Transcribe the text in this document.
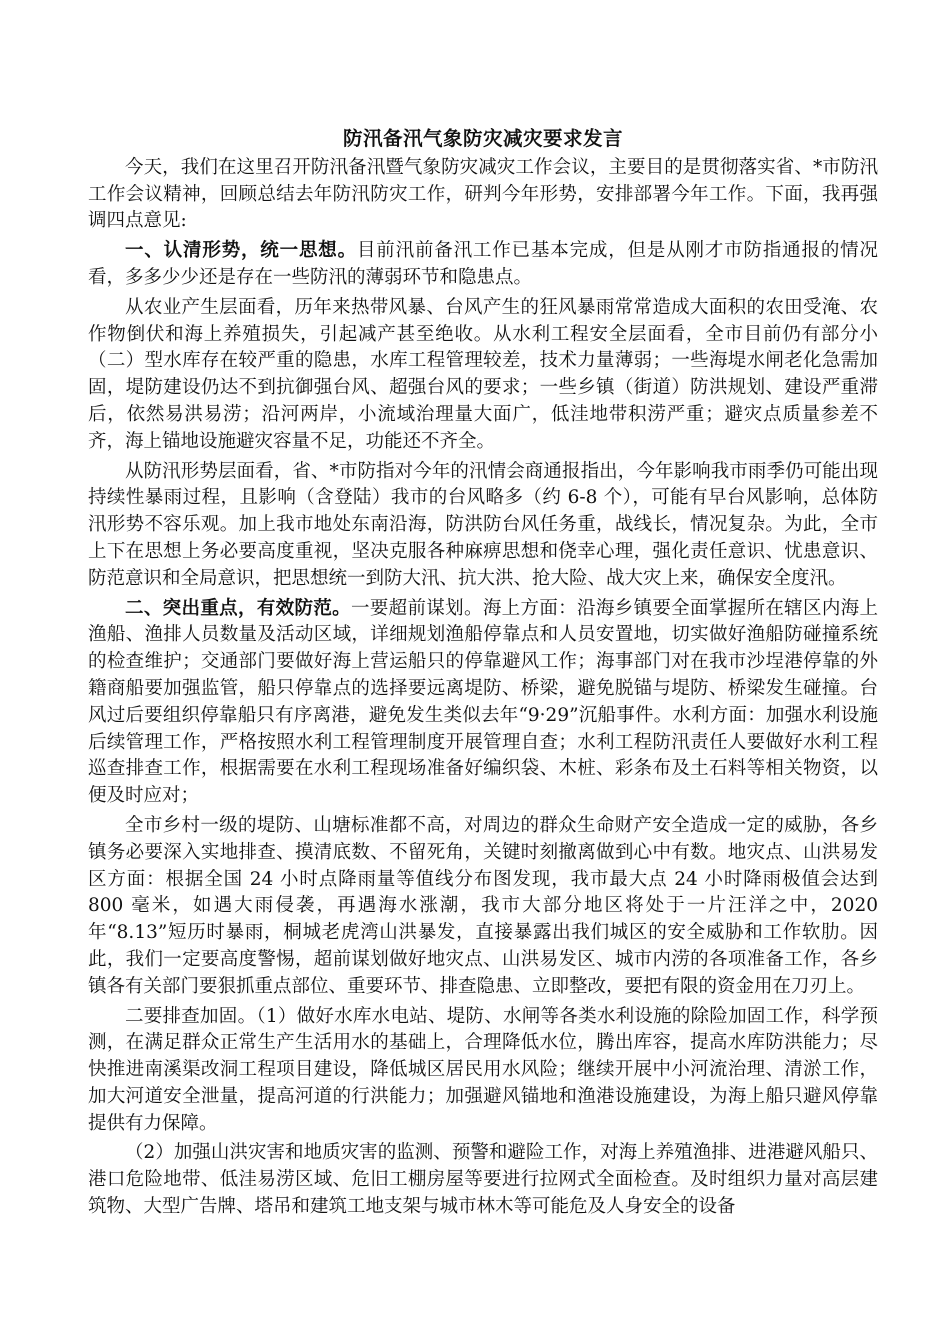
防汛备汛气象防灾减灾要求发言

今天，我们在这里召开防汛备汛暨气象防灾减灾工作会议，主要目的是贯彻落实省、*市防汛工作会议精神，回顾总结去年防汛防灾工作，研判今年形势，安排部署今年工作。下面，我再强调四点意见:

一、认清形势，统一思想。目前汛前备汛工作已基本完成，但是从刚才市防指通报的情况看，多多少少还是存在一些防汛的薄弱环节和隐患点。

从农业产生层面看，历年来热带风暴、台风产生的狂风暴雨常常造成大面积的农田受淹、农作物倒伏和海上养殖损失，引起减产甚至绝收。从水利工程安全层面看，全市目前仍有部分小（二）型水库存在较严重的隐患，水库工程管理较差，技术力量薄弱；一些海堤水闸老化急需加固，堤防建设仍达不到抗御强台风、超强台风的要求；一些乡镇（街道）防洪规划、建设严重滞后，依然易洪易涝；沿河两岸，小流域治理量大面广，低洼地带积涝严重；避灾点质量参差不齐，海上锚地设施避灾容量不足，功能还不齐全。

从防汛形势层面看，省、*市防指对今年的汛情会商通报指出，今年影响我市雨季仍可能出现持续性暴雨过程，且影响（含登陆）我市的台风略多（约 6-8 个），可能有早台风影响，总体防汛形势不容乐观。加上我市地处东南沿海，防洪防台风任务重，战线长，情况复杂。为此，全市上下在思想上务必要高度重视，坚决克服各种麻痹思想和侥幸心理，强化责任意识、忧患意识、防范意识和全局意识，把思想统一到防大汛、抗大洪、抢大险、战大灾上来，确保安全度汛。

二、突出重点，有效防范。一要超前谋划。海上方面：沿海乡镇要全面掌握所在辖区内海上渔船、渔排人员数量及活动区域，详细规划渔船停靠点和人员安置地，切实做好渔船防碰撞系统的检查维护；交通部门要做好海上营运船只的停靠避风工作；海事部门对在我市沙埕港停靠的外籍商船要加强监管，船只停靠点的选择要远离堤防、桥梁，避免脱锚与堤防、桥梁发生碰撞。台风过后要组织停靠船只有序离港，避免发生类似去年“9·29”沉船事件。水利方面：加强水利设施后续管理工作，严格按照水利工程管理制度开展管理自查；水利工程防汛责任人要做好水利工程巡查排查工作，根据需要在水利工程现场准备好编织袋、木桩、彩条布及土石料等相关物资，以便及时应对；

全市乡村一级的堤防、山塘标准都不高，对周边的群众生命财产安全造成一定的威胁，各乡镇务必要深入实地排查、摸清底数、不留死角，关键时刻撤离做到心中有数。地灾点、山洪易发区方面：根据全国 24 小时点降雨量等值线分布图发现，我市最大点 24 小时降雨极值会达到 800 毫米，如遇大雨侵袭，再遇海水涨潮，我市大部分地区将处于一片汪洋之中，2020 年“8.13”短历时暴雨，桐城老虎湾山洪暴发，直接暴露出我们城区的安全威胁和工作软肋。因此，我们一定要高度警惕，超前谋划做好地灾点、山洪易发区、城市内涝的各项准备工作，各乡镇各有关部门要狠抓重点部位、重要环节、排查隐患、立即整改，要把有限的资金用在刀刃上。

二要排查加固。（1）做好水库水电站、堤防、水闸等各类水利设施的除险加固工作，科学预测，在满足群众正常生产生活用水的基础上，合理降低水位，腾出库容，提高水库防洪能力；尽快推进南溪渠改洞工程项目建设，降低城区居民用水风险；继续开展中小河流治理、清淤工作，加大河道安全泄量，提高河道的行洪能力；加强避风锚地和渔港设施建设，为海上船只避风停靠提供有力保障。

（2）加强山洪灾害和地质灾害的监测、预警和避险工作，对海上养殖渔排、进港避风船只、港口危险地带、低洼易涝区域、危旧工棚房屋等要进行拉网式全面检查。及时组织力量对高层建筑物、大型广告牌、塔吊和建筑工地支架与城市林木等可能危及人身安全的设备
